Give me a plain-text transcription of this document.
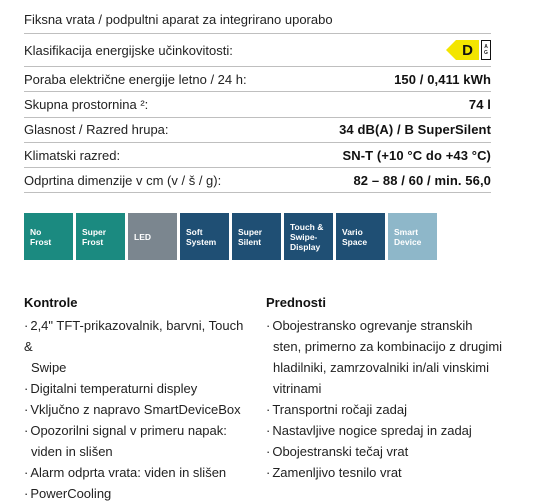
Fiksna vrata / podpultni aparat za integrirano uporabo
Klasifikacija energijske učinkovitosti:	D	A
G
Poraba električne energije letno / 24 h:	150 / 0,411 kWh
Skupna prostornina ²:	74 l
Glasnost / Razred hrupa:	34 dB(A) / B SuperSilent
Klimatski razred:	SN-T (+10 °C do +43 °C)
Odprtina dimenzije v cm (v / š / g):	82 – 88 / 60 / min. 56,0
No
Frost
Super
Frost	LED	Soft
System
Super
Silent
Touch &
Swipe-
Display
Vario
Space
Smart
Device
Kontrole
· 2,4" TFT-prikazovalnik, barvni, Touch &
Swipe
· Digitalni temperaturni displey
· Vključno z napravo SmartDeviceBox
· Opozorilni signal v primeru napak:
viden in slišen
· Alarm odprta vrata: viden in slišen
· PowerCooling
Prednosti
· Obojestransko ogrevanje stranskih
sten, primerno za kombinacijo z drugimi
hladilniki, zamrzovalniki in/ali vinskimi
vitrinami
· Transportni ročaji zadaj
· Nastavljive nogice spredaj in zadaj
· Obojestranski tečaj vrat
· Zamenljivo tesnilo vrat
